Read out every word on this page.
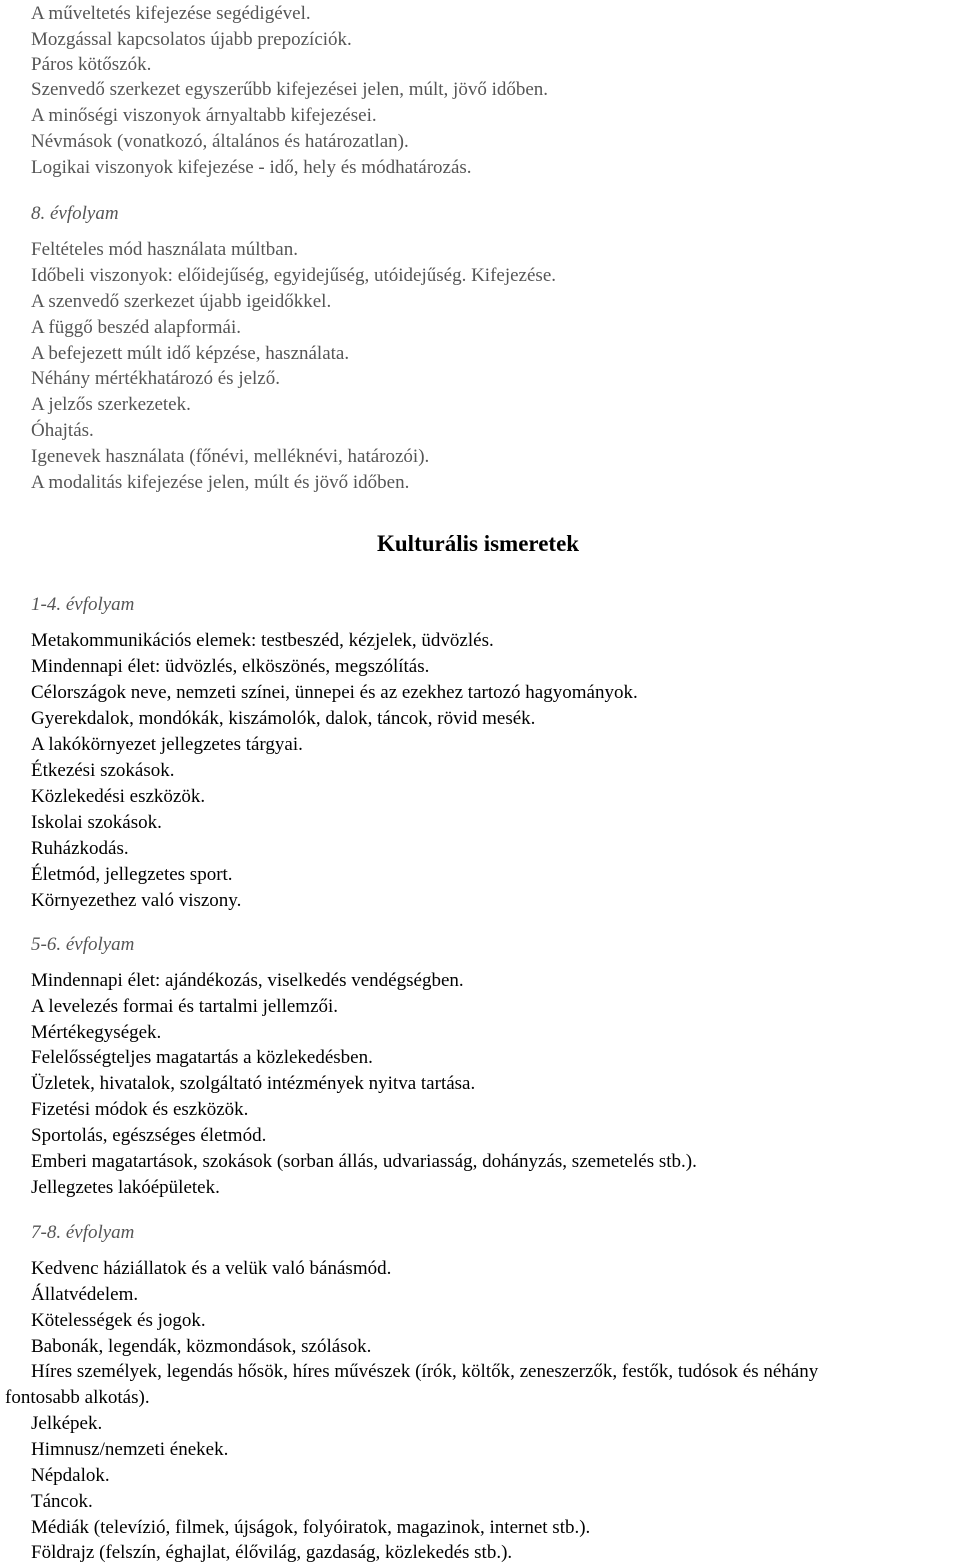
A műveltetés kifejezése segédigével.
Mozgással kapcsolatos újabb prepozíciók.
Páros kötőszók.
Szenvedő szerkezet egyszerűbb kifejezései jelen, múlt, jövő időben.
A minőségi viszonyok árnyaltabb kifejezései.
Névmások (vonatkozó, általános és határozatlan).
Logikai viszonyok kifejezése - idő, hely és módhatározás.
8. évfolyam
Feltételes mód használata múltban.
Időbeli viszonyok: előidejűség, egyidejűség, utóidejűség. Kifejezése.
A szenvedő szerkezet újabb igeidőkkel.
A függő beszéd alapformái.
A befejezett múlt idő képzése, használata.
Néhány mértékhatározó és jelző.
A jelzős szerkezetek.
Óhajtás.
Igenevek használata (főnévi, melléknévi, határozói).
A modalitás kifejezése jelen, múlt és jövő időben.
Kulturális ismeretek
1-4. évfolyam
Metakommunikációs elemek: testbeszéd, kézjelek, üdvözlés.
Mindennapi élet: üdvözlés, elköszönés, megszólítás.
Célországok neve, nemzeti színei, ünnepei és az ezekhez tartozó hagyományok.
Gyerekdalok, mondókák, kiszámolók, dalok, táncok, rövid mesék.
A lakókörnyezet jellegzetes tárgyai.
Étkezési szokások.
Közlekedési eszközök.
Iskolai szokások.
Ruházkodás.
Életmód, jellegzetes sport.
Környezethez való viszony.
5-6. évfolyam
Mindennapi élet: ajándékozás, viselkedés vendégségben.
A levelezés formai és tartalmi jellemzői.
Mértékegységek.
Felelősségteljes magatartás a közlekedésben.
Üzletek, hivatalok, szolgáltató intézmények nyitva tartása.
Fizetési módok és eszközök.
Sportolás, egészséges életmód.
Emberi magatartások, szokások (sorban állás, udvariasság, dohányzás, szemetelés stb.).
Jellegzetes lakóépületek.
7-8. évfolyam
Kedvenc háziállatok és a velük való bánásmód.
Állatvédelem.
Kötelességek és jogok.
Babonák, legendák, közmondások, szólások.
Híres személyek, legendás hősök, híres művészek (írók, költők, zeneszerzők, festők, tudósok és néhány
fontosabb alkotás).
Jelképek.
Himnusz/nemzeti énekek.
Népdalok.
Táncok.
Médiák (televízió, filmek, újságok, folyóiratok, magazinok, internet stb.).
Földrajz (felszín, éghajlat, élővilág, gazdaság, közlekedés stb.).
